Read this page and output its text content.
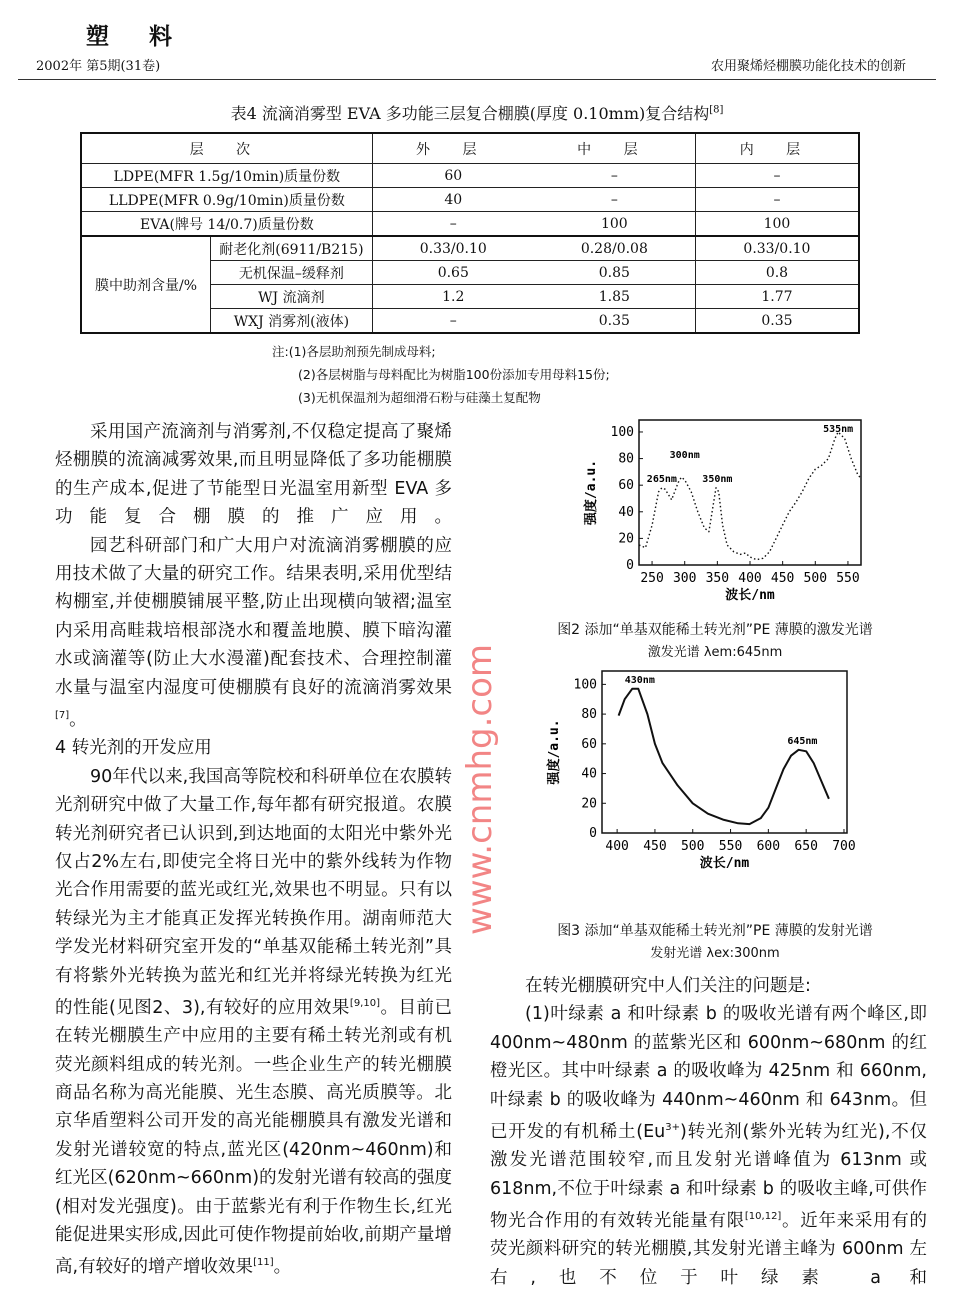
塑 料
2002年 第5期(31卷)	农用聚烯烃棚膜功能化技术的创新
表4 流滴消雾型 EVA 多功能三层复合棚膜(厚度 0.10mm)复合结构[8]
层 次		外 层	中 层	内 层
LDPE(MFR 1.5g/10min)质量份数		60	–	–
LLDPE(MFR 0.9g/10min)质量份数		40	–	–
EVA(牌号 14/0.7)质量份数		–	100	100
膜中助剂含量/%	耐老化剂(6911/B215)	0.33/0.10	0.28/0.08	0.33/0.10
	无机保温–缓释剂	0.65	0.85	0.8
	WJ 流滴剂	1.2	1.85	1.77
	WXJ 消雾剂(液体)	–	0.35	0.35
注:(1)各层助剂预先制成母料;
(2)各层树脂与母料配比为树脂100份添加专用母料15份;
(3)无机保温剂为超细滑石粉与硅藻土复配物

采用国产流滴剂与消雾剂,不仅稳定提高了聚烯烃棚膜的流滴减雾效果,而且明显降低了多功能棚膜的生产成本,促进了节能型日光温室用新型 EVA 多功能复合棚膜的推广应用。

园艺科研部门和广大用户对流滴消雾棚膜的应用技术做了大量的研究工作。结果表明,采用优型结构棚室,并使棚膜铺展平整,防止出现横向皱褶;温室内采用高畦栽培根部浇水和覆盖地膜、膜下暗沟灌水或滴灌等(防止大水漫灌)配套技术、合理控制灌水量与温室内湿度可使棚膜有良好的流滴消雾效果[7]。

4 转光剂的开发应用

90年代以来,我国高等院校和科研单位在农膜转光剂研究中做了大量工作,每年都有研究报道。农膜转光剂研究者已认识到,到达地面的太阳光中紫外光仅占2%左右,即使完全将日光中的紫外线转为作物光合作用需要的蓝光或红光,效果也不明显。只有以转绿光为主才能真正发挥光转换作用。湖南师范大学发光材料研究室开发的“单基双能稀土转光剂”具有将紫外光转换为蓝光和红光并将绿光转换为红光的性能(见图2、3),有较好的应用效果[9,10]。目前已在转光棚膜生产中应用的主要有稀土转光剂或有机荧光颜料组成的转光剂。一些企业生产的转光棚膜商品名称为高光能膜、光生态膜、高光质膜等。北京华盾塑料公司开发的高光能棚膜具有激发光谱和发射光谱较宽的特点,蓝光区(420nm~460nm)和红光区(620nm~660nm)的发射光谱有较高的强度(相对发光强度)。由于蓝紫光有利于作物生长,红光能促进果实形成,因此可使作物提前始收,前期产量增高,有较好的增产增收效果[11]。

250 300 350 400 450 500 550
0
20
40
60
80
100
波长/nm
强度/a.u.	265nm
300nm
350nm
535nm
图2 添加“单基双能稀土转光剂”PE 薄膜的激发光谱
激发光谱 λem:645nm
400 450 500 550 600 650 700
0
20
40
60
80
100
波长/nm
强度/a.u.
430nm
645nm
图3 添加“单基双能稀土转光剂”PE 薄膜的发射光谱
发射光谱 λex:300nm

在转光棚膜研究中人们关注的问题是:

(1)叶绿素 a 和叶绿素 b 的吸收光谱有两个峰区,即 400nm~480nm 的蓝紫光区和 600nm~680nm 的红橙光区。其中叶绿素 a 的吸收峰为 425nm 和 660nm,叶绿素 b 的吸收峰为 440nm~460nm 和 643nm。但已开发的有机稀土$(Eu^{3+})$转光剂(紫外光转为红光),不仅激发光谱范围较窄,而且发射光谱峰值为 613nm 或 618nm,不位于叶绿素 a 和叶绿素 b 的吸收主峰,可供作物光合作用的有效转光能量有限[10,12]。近年来采用有的荧光颜料研究的转光棚膜,其发射光谱主峰为 600nm 左右,也不位于叶绿素 a 和

www.cnmhg.com
